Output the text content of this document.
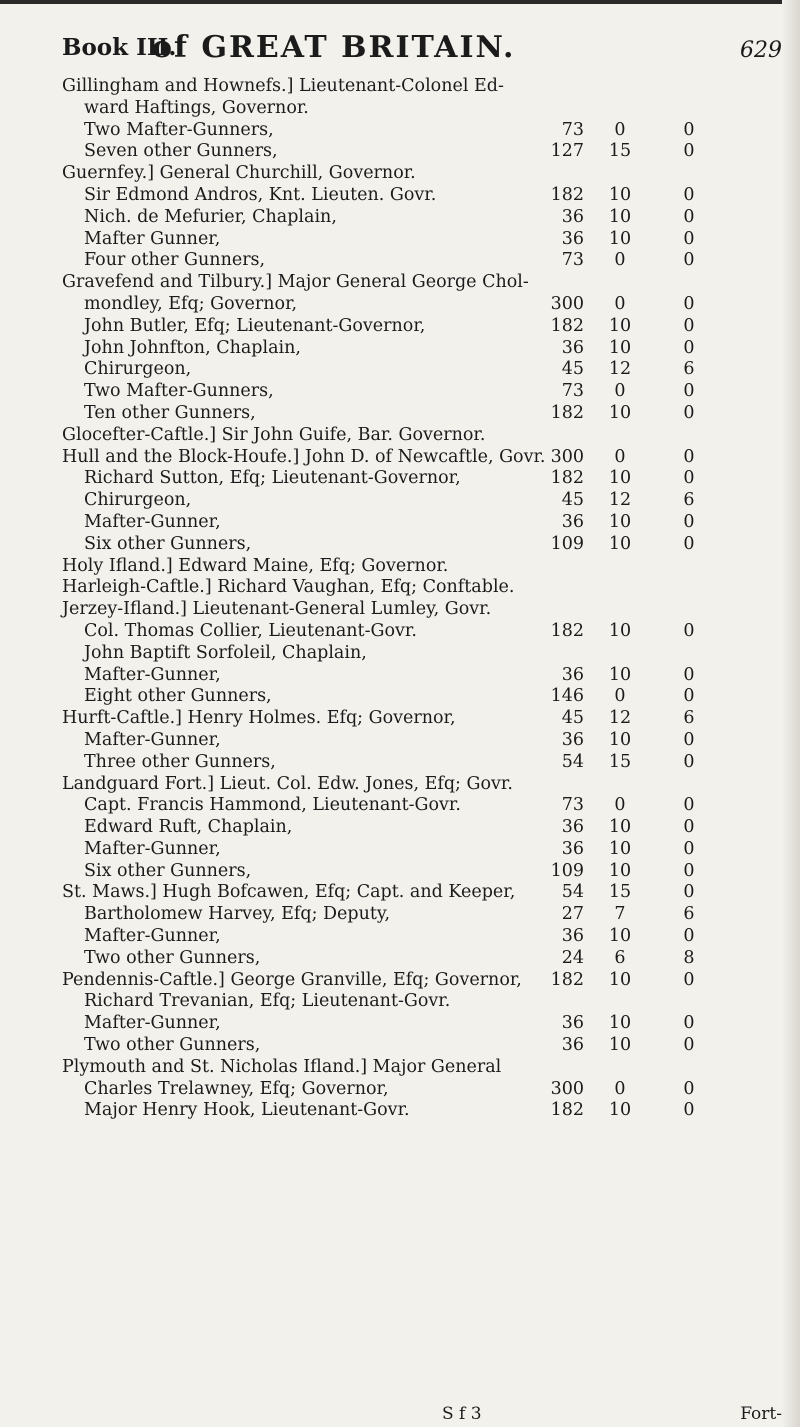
Book III.
of GREAT BRITAIN.	629
Gillingham and Hownefs.] Lieutenant-Colonel Ed-
ward Haftings, Governor.
Two Mafter-Gunners,	73	0	0
Seven other Gunners,	127 15	0
Guernfey.] General Churchill, Governor.
Sir Edmond Andros, Knt. Lieuten. Govr.	182 10	0
Nich. de Mefurier, Chaplain,	36 10	0
Mafter Gunner,	36 10	0
Four other Gunners,	73	0	0
Gravefend and Tilbury.] Major General George Chol-
mondley, Efq; Governor,	300	0	0
John Butler, Efq; Lieutenant-Governor,	182 10	0
John Johnfton, Chaplain,	36 10	0
Chirurgeon,	45 12	6
Two Mafter-Gunners,	73	0	0
Ten other Gunners,	182 10	0
Glocefter-Caftle.] Sir John Guife, Bar. Governor.
Hull and the Block-Houfe.] John D. of Newcaftle, Govr. 300	0	0
Richard Sutton, Efq; Lieutenant-Governor,	182 10	0
Chirurgeon,	45 12	6
Mafter-Gunner,	36 10	0
Six other Gunners,	109 10	0
Holy Ifland.] Edward Maine, Efq; Governor.
Harleigh-Caftle.] Richard Vaughan, Efq; Conftable.
Jerzey-Ifland.] Lieutenant-General Lumley, Govr.
Col. Thomas Collier, Lieutenant-Govr.	182 10	0
John Baptift Sorfoleil, Chaplain,
Mafter-Gunner,	36 10	0
Eight other Gunners,	146	0	0
Hurft-Caftle.] Henry Holmes. Efq; Governor,	45 12	6
Mafter-Gunner,	36 10	0
Three other Gunners,	54 15	0
Landguard Fort.] Lieut. Col. Edw. Jones, Efq; Govr.
Capt. Francis Hammond, Lieutenant-Govr.	73	0	0
Edward Ruft, Chaplain,	36 10	0
Mafter-Gunner,	36 10	0
Six other Gunners,	109 10	0
St. Maws.] Hugh Bofcawen, Efq; Capt. and Keeper,	54 15	0
Bartholomew Harvey, Efq; Deputy,	27	7	6
Mafter-Gunner,	36 10	0
Two other Gunners,	24	6	8
Pendennis-Caftle.] George Granville, Efq; Governor,	182 10	0
Richard Trevanian, Efq; Lieutenant-Govr.
Mafter-Gunner,	36 10	0
Two other Gunners,	36 10	0
Plymouth and St. Nicholas Ifland.] Major General
Charles Trelawney, Efq; Governor,	300	0	0
Major Henry Hook, Lieutenant-Govr.	182 10	0
S f 3	Fort-
